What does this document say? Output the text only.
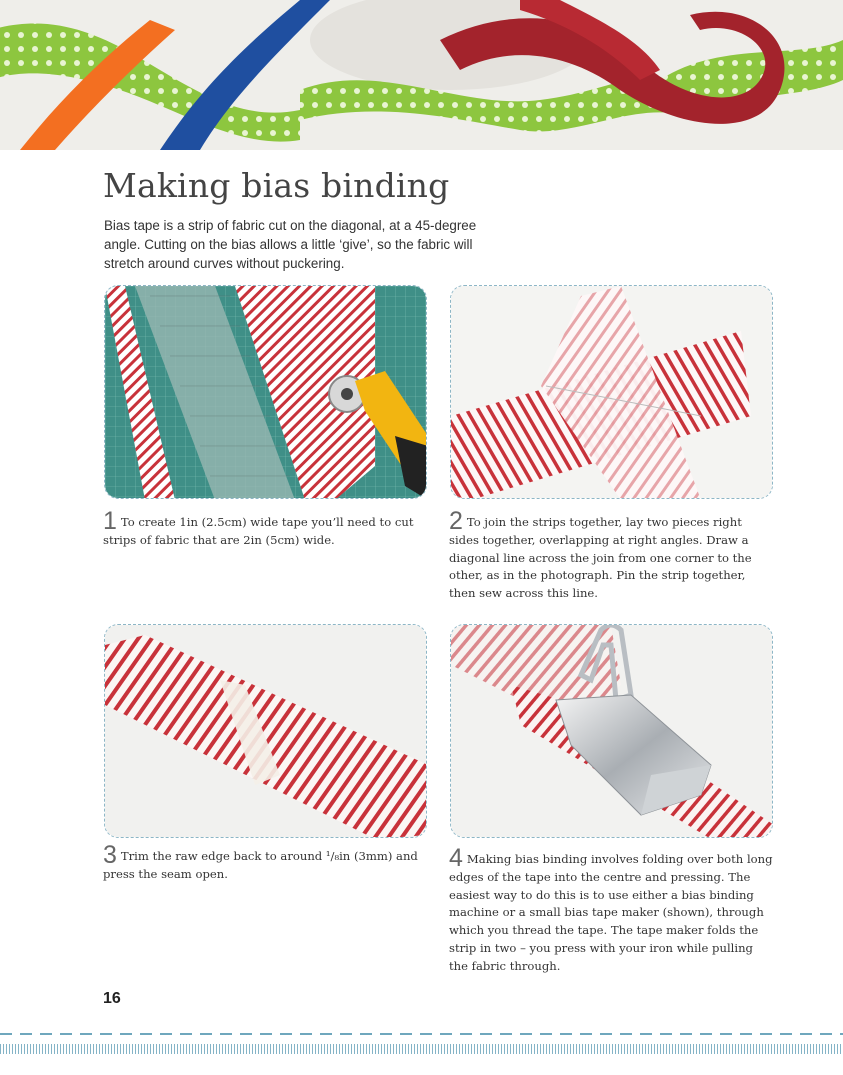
Making bias binding
Bias tape is a strip of fabric cut on the diagonal, at a 45-degree angle. Cutting on the bias allows a little ‘give’, so the fabric will stretch around curves without puckering.
1 To create 1in (2.5cm) wide tape you’ll need to cut strips of fabric that are 2in (5cm) wide.
2 To join the strips together, lay two pieces right sides together, overlapping at right angles. Draw a diagonal line across the join from one corner to the other, as in the photograph. Pin the strip together, then sew across this line.
3 Trim the raw edge back to around ¹/₈in (3mm) and press the seam open.
4 Making bias binding involves folding over both long edges of the tape into the centre and pressing. The easiest way to do this is to use either a bias binding machine or a small bias tape maker (shown), through which you thread the tape. The tape maker folds the strip in two – you press with your iron while pulling the fabric through.
16
